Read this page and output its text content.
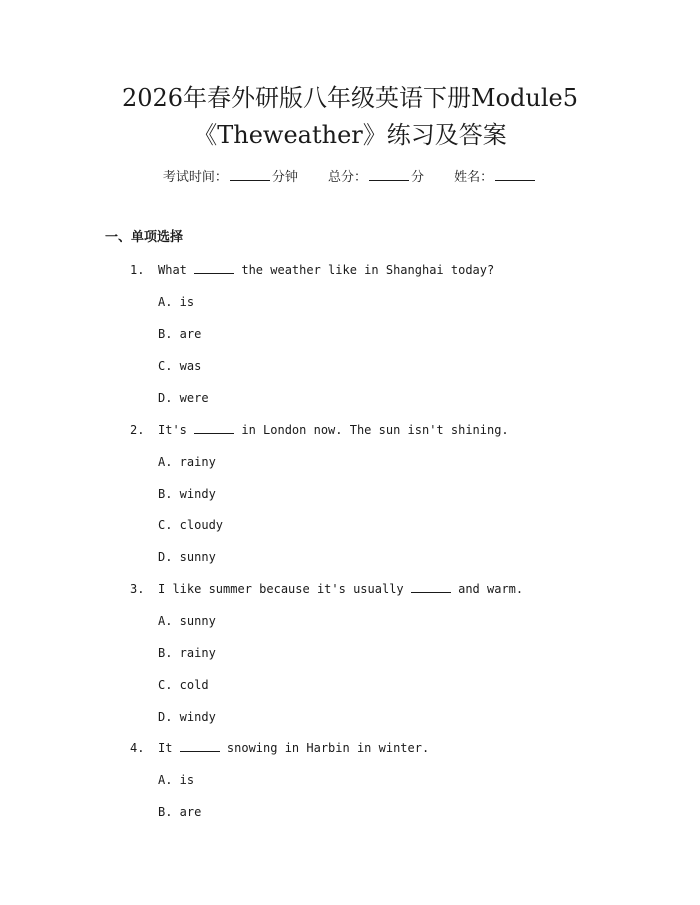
2026年春外研版八年级英语下册Module5
《Theweather》练习及答案
考试时间：	分钟 总分：	分 姓名：
一、单项选择
1. What	the weather like in Shanghai today?
A. is
B. are
C. was
D. were
2. It's	in London now. The sun isn't shining.
A. rainy
B. windy
C. cloudy
D. sunny
3. I like summer because it's usually	and warm.
A. sunny
B. rainy
C. cold
D. windy
4. It	snowing in Harbin in winter.
A. is
B. are
